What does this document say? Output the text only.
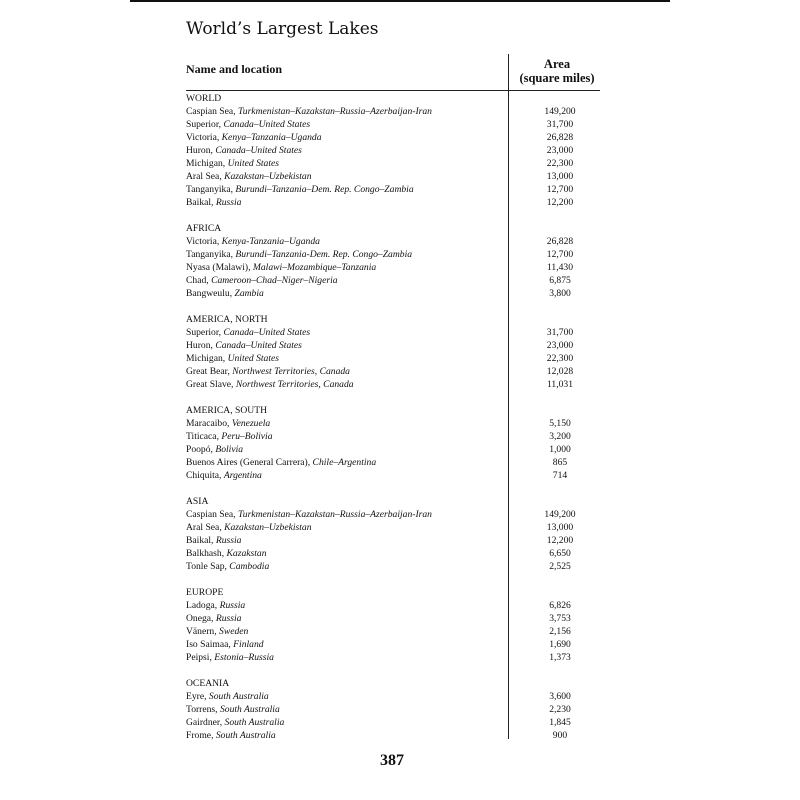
World’s Largest Lakes
Name and location	Area
(square miles)
WORLD
Caspian Sea, Turkmenistan–Kazakstan–Russia–Azerbaijan-Iran	149,200
Superior, Canada–United States	31,700
Victoria, Kenya–Tanzania–Uganda	26,828
Huron, Canada–United States	23,000
Michigan, United States	22,300
Aral Sea, Kazakstan–Uzbekistan	13,000
Tanganyika, Burundi–Tanzania–Dem. Rep. Congo–Zambia	12,700
Baikal, Russia	12,200
AFRICA
Victoria, Kenya-Tanzania–Uganda	26,828
Tanganyika, Burundi–Tanzania-Dem. Rep. Congo–Zambia	12,700
Nyasa (Malawi), Malawi–Mozambique–Tanzania	11,430
Chad, Cameroon–Chad–Niger–Nigeria	6,875
Bangweulu, Zambia	3,800
AMERICA, NORTH
Superior, Canada–United States	31,700
Huron, Canada–United States	23,000
Michigan, United States	22,300
Great Bear, Northwest Territories, Canada	12,028
Great Slave, Northwest Territories, Canada	11,031
AMERICA, SOUTH
Maracaibo, Venezuela	5,150
Titicaca, Peru–Bolivia	3,200
Poopó, Bolivia	1,000
Buenos Aires (General Carrera), Chile–Argentina	865
Chiquita, Argentina	714
ASIA
Caspian Sea, Turkmenistan–Kazakstan–Russia–Azerbaijan-Iran	149,200
Aral Sea, Kazakstan–Uzbekistan	13,000
Baikal, Russia	12,200
Balkhash, Kazakstan	6,650
Tonle Sap, Cambodia	2,525
EUROPE
Ladoga, Russia	6,826
Onega, Russia	3,753
Vänern, Sweden	2,156
Iso Saimaa, Finland	1,690
Peipsi, Estonia–Russia	1,373
OCEANIA
Eyre, South Australia	3,600
Torrens, South Australia	2,230
Gairdner, South Australia	1,845
Frome, South Australia	900
387
